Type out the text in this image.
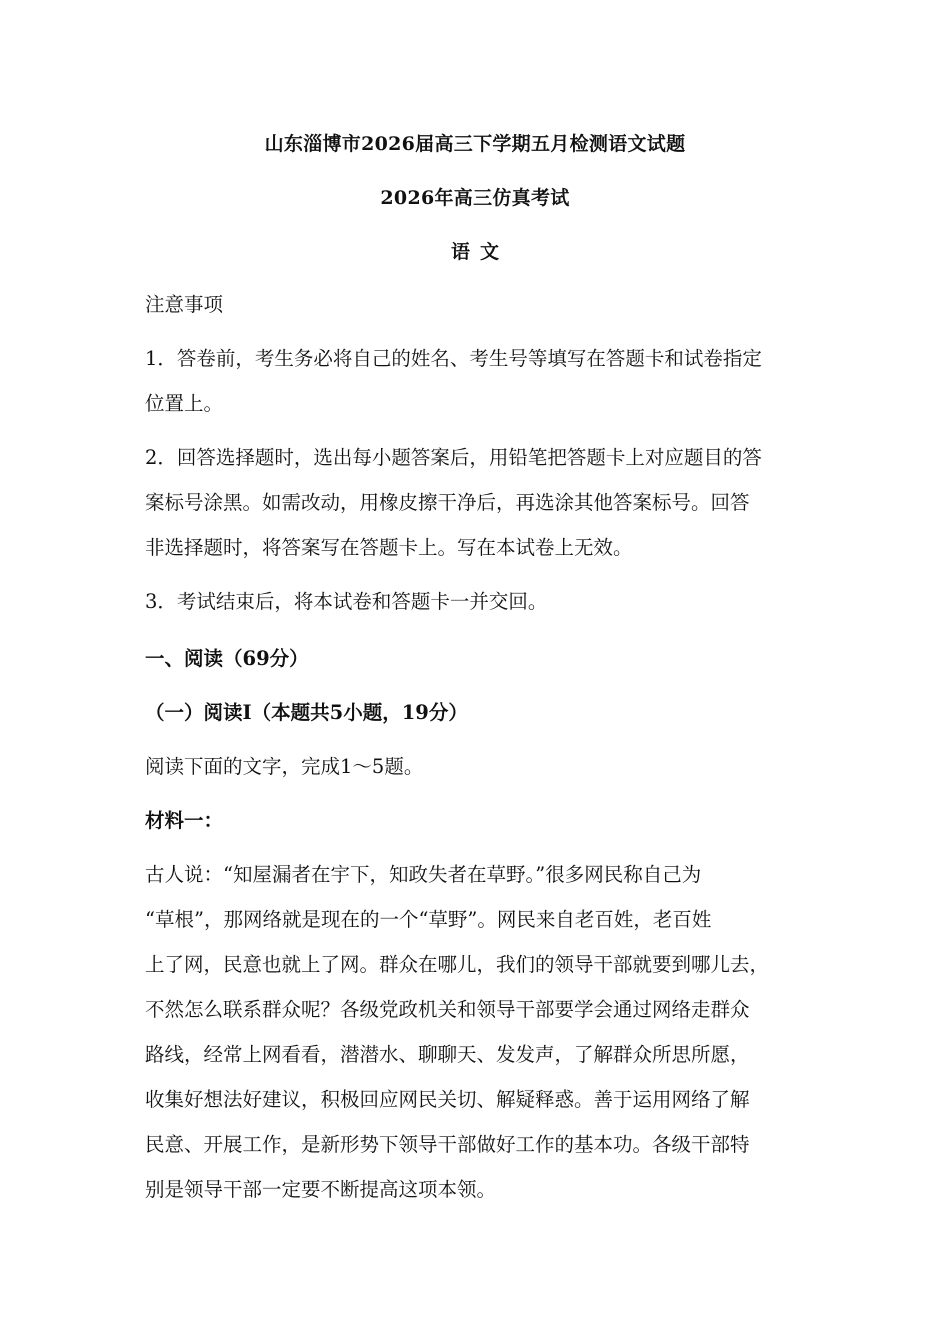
山东淄博市2026届高三下学期五月检测语文试题
2026年高三仿真考试
语文
注意事项
1．答卷前，考生务必将自己的姓名、考生号等填写在答题卡和试卷指定
位置上。
2．回答选择题时，选出每小题答案后，用铅笔把答题卡上对应题目的答
案标号涂黑。如需改动，用橡皮擦干净后，再选涂其他答案标号。回答
非选择题时，将答案写在答题卡上。写在本试卷上无效。
3．考试结束后，将本试卷和答题卡一并交回。
一、阅读（69分）
（一）阅读Ⅰ（本题共5小题，19分）
阅读下面的文字，完成1～5题。
材料一：
古人说：“知屋漏者在宇下，知政失者在草野。”很多网民称自己为
“草根”，那网络就是现在的一个“草野”。网民来自老百姓，老百姓
上了网，民意也就上了网。群众在哪儿，我们的领导干部就要到哪儿去，
不然怎么联系群众呢？各级党政机关和领导干部要学会通过网络走群众
路线，经常上网看看，潜潜水、聊聊天、发发声，了解群众所思所愿，
收集好想法好建议，积极回应网民关切、解疑释惑。善于运用网络了解
民意、开展工作，是新形势下领导干部做好工作的基本功。各级干部特
别是领导干部一定要不断提高这项本领。
